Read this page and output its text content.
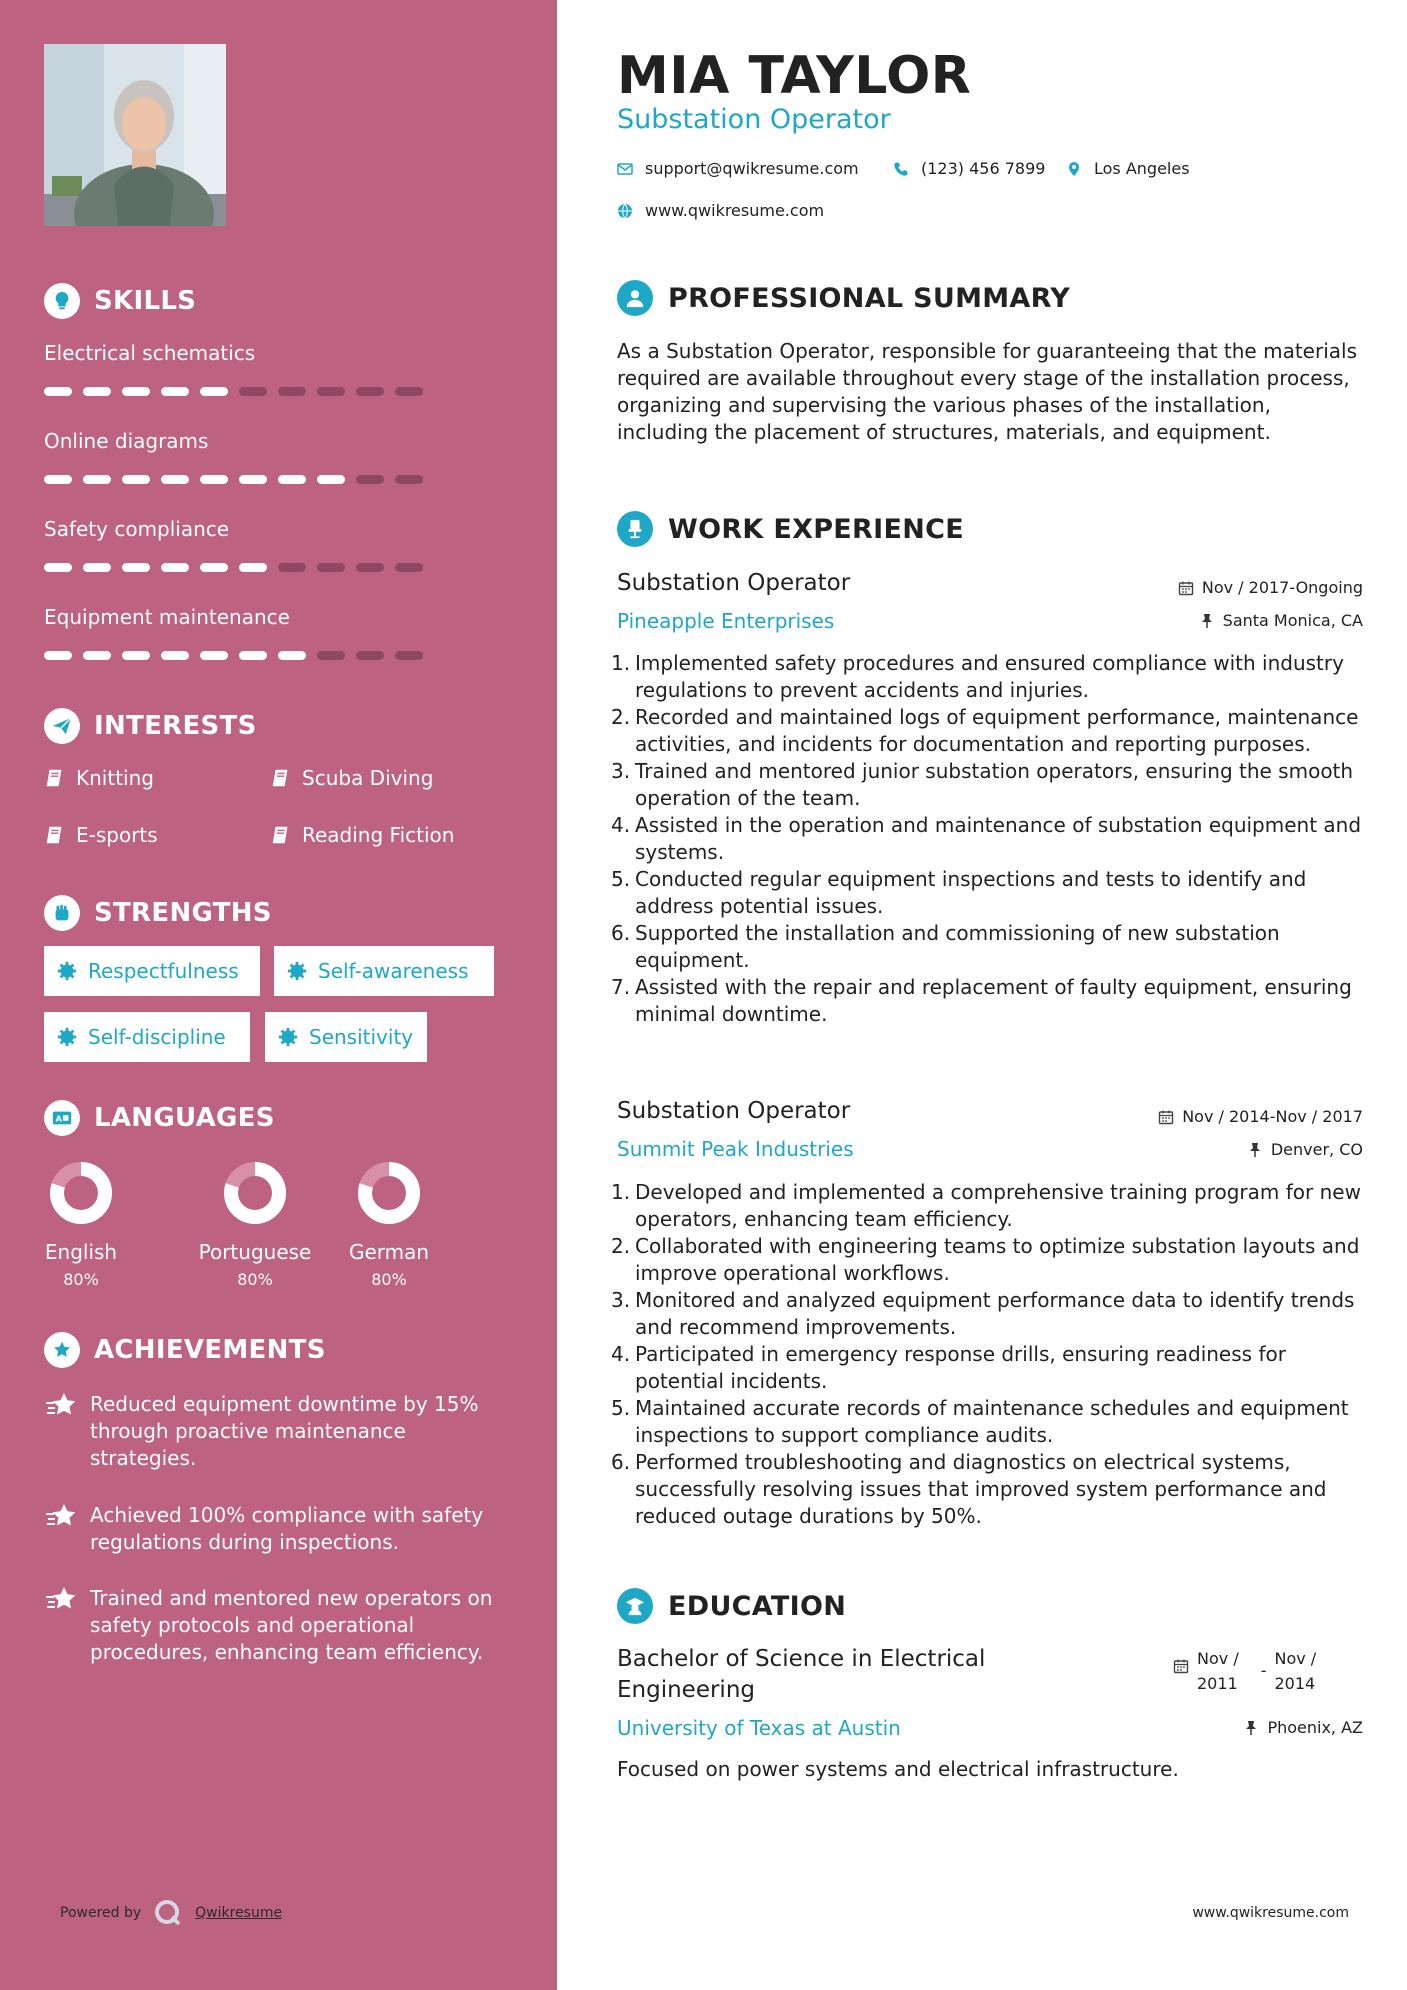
SKILLS
Electrical schematics
Online diagrams
Safety compliance
Equipment maintenance
INTERESTS
Knitting	Scuba Diving
E-sports	Reading Fiction
STRENGTHS
Respectfulness	Self-awareness
Self-discipline	Sensitivity
A LANGUAGES
English
80%
Portuguese
80%
German
80%
ACHIEVEMENTS
Reduced equipment downtime by 15% through proactive maintenance strategies.
Achieved 100% compliance with safety regulations during inspections.
Trained and mentored new operators on safety protocols and operational procedures, enhancing team efficiency.
Powered by	Qwikresume
MIA TAYLOR
Substation Operator
support@qwikresume.com	(123) 456 7899	Los Angeles
www.qwikresume.com
PROFESSIONAL SUMMARY
As a Substation Operator, responsible for guaranteeing that the materials required are available throughout every stage of the installation process, organizing and supervising the various phases of the installation, including the placement of structures, materials, and equipment.
WORK EXPERIENCE
Substation Operator
Pineapple Enterprises
Nov / 2017-Ongoing
Santa Monica, CA
1. Implemented safety procedures and ensured compliance with industry regulations to prevent accidents and injuries.
2. Recorded and maintained logs of equipment performance, maintenance activities, and incidents for documentation and reporting purposes.
3. Trained and mentored junior substation operators, ensuring the smooth operation of the team.
4. Assisted in the operation and maintenance of substation equipment and systems.
5. Conducted regular equipment inspections and tests to identify and address potential issues.
6. Supported the installation and commissioning of new substation equipment.
7. Assisted with the repair and replacement of faulty equipment, ensuring minimal downtime.
Substation Operator
Summit Peak Industries
Nov / 2014-Nov / 2017
Denver, CO
1. Developed and implemented a comprehensive training program for new operators, enhancing team efficiency.
2. Collaborated with engineering teams to optimize substation layouts and improve operational workflows.
3. Monitored and analyzed equipment performance data to identify trends and recommend improvements.
4. Participated in emergency response drills, ensuring readiness for potential incidents.
5. Maintained accurate records of maintenance schedules and equipment inspections to support compliance audits.
6. Performed troubleshooting and diagnostics on electrical systems, successfully resolving issues that improved system performance and reduced outage durations by 50%.
EDUCATION
Bachelor of Science in Electrical Engineering
Nov /
2011
-
Nov /
2014
University of Texas at Austin	Phoenix, AZ
Focused on power systems and electrical infrastructure.
www.qwikresume.com
